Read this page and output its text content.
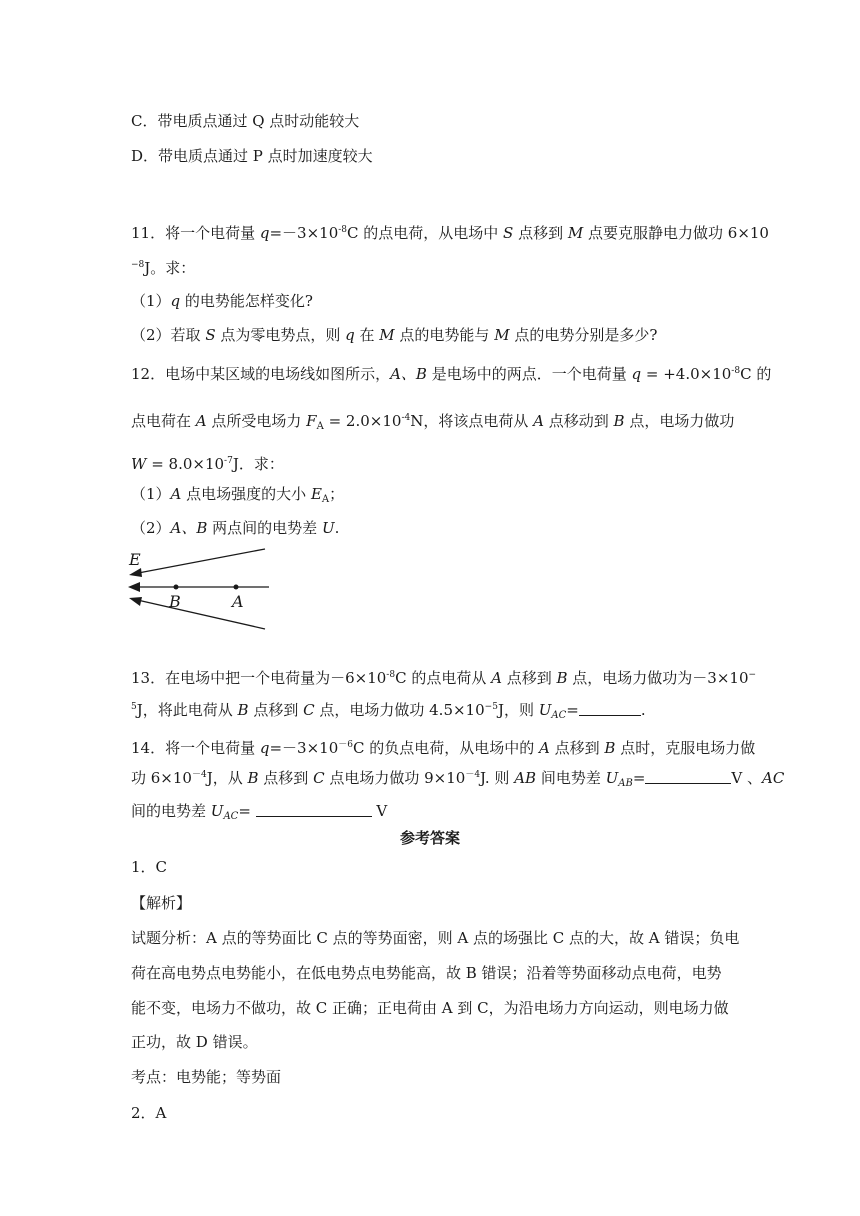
C．带电质点通过 Q 点时动能较大
D．带电质点通过 P 点时加速度较大
11．将一个电荷量 $q=-3\times 10^{-8}C$ 的点电荷，从电场中 S 点移到 M 点要克服静电力做功 6×10
$^{-8}$J。求：
（1）q 的电势能怎样变化?
（2）若取 S 点为零电势点，则 q 在 M 点的电势能与 M 点的电势分别是多少?
12．电场中某区域的电场线如图所示，A、B 是电场中的两点．一个电荷量 $q = +4.0\times 10^{-8}C$ 的
点电荷在 A 点所受电场力 $F_A = 2.0\times 10^{-4}N$，将该点电荷从 A 点移动到 B 点，电场力做功
$W = 8.0\times 10^{-7}J$．求：
（1）A 点电场强度的大小 $E_A$；
（2）A、B 两点间的电势差 U.
E
B	A
13．在电场中把一个电荷量为$-6\times 10^{-8}C$ 的点电荷从 A 点移到 B 点，电场力做功为－3×10−
$^5$J，将此电荷从 B 点移到 C 点，电场力做功 $4.5\times 10^{-5}J$，则 $U_{AC}=$	.
14．将一个电荷量 $q=-3\times 10^{-6}C$ 的负点电荷，从电场中的 A 点移到 B 点时，克服电场力做
功 $6\times 10^{-4}J$，从 B 点移到 C 点电场力做功 $9\times 10^{-4}J$. 则 AB 间电势差 $U_{AB}=$	V 、AC
间的电势差 $U_{AC}=$	V
参考答案
1．C
【解析】
试题分析：A 点的等势面比 C 点的等势面密，则 A 点的场强比 C 点的大，故 A 错误；负电
荷在高电势点电势能小，在低电势点电势能高，故 B 错误；沿着等势面移动点电荷，电势
能不变，电场力不做功，故 C 正确；正电荷由 A 到 C，为沿电场力方向运动，则电场力做
正功，故 D 错误。
考点：电势能；等势面
2．A
